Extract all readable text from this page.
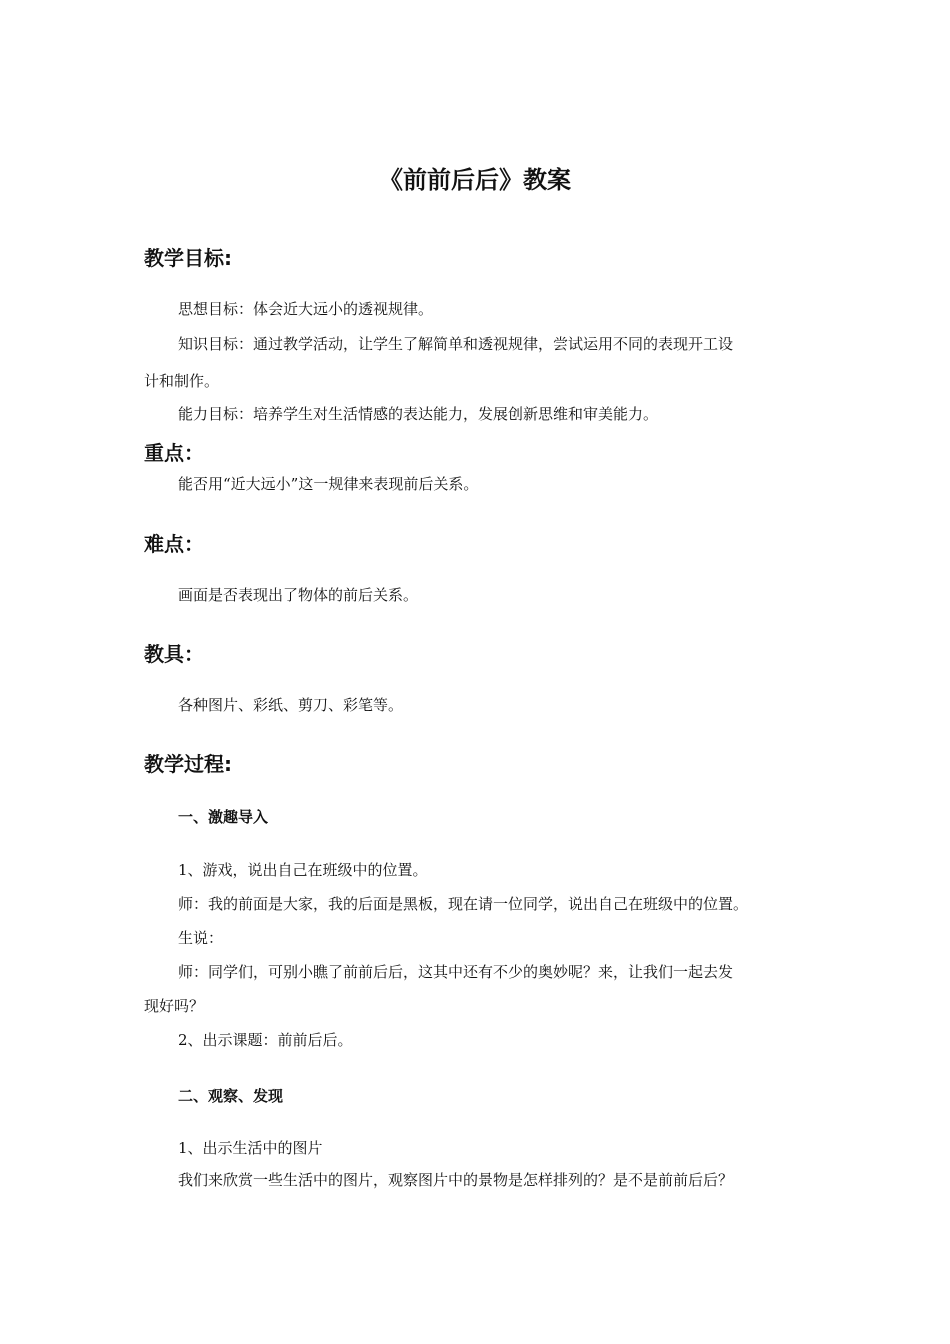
《前前后后》教案
教学目标:
思想目标：体会近大远小的透视规律。
知识目标：通过教学活动，让学生了解简单和透视规律，尝试运用不同的表现开工设
计和制作。
能力目标：培养学生对生活情感的表达能力，发展创新思维和审美能力。
重点：
能否用“近大远小”这一规律来表现前后关系。
难点：
画面是否表现出了物体的前后关系。
教具：
各种图片、彩纸、剪刀、彩笔等。
教学过程:
一、激趣导入
1、游戏，说出自己在班级中的位置。
师：我的前面是大家，我的后面是黑板，现在请一位同学，说出自己在班级中的位置。
生说：
师：同学们，可别小瞧了前前后后，这其中还有不少的奥妙呢？来，让我们一起去发
现好吗？
2、出示课题：前前后后。
二、观察、发现
1、出示生活中的图片
我们来欣赏一些生活中的图片，观察图片中的景物是怎样排列的？是不是前前后后？
